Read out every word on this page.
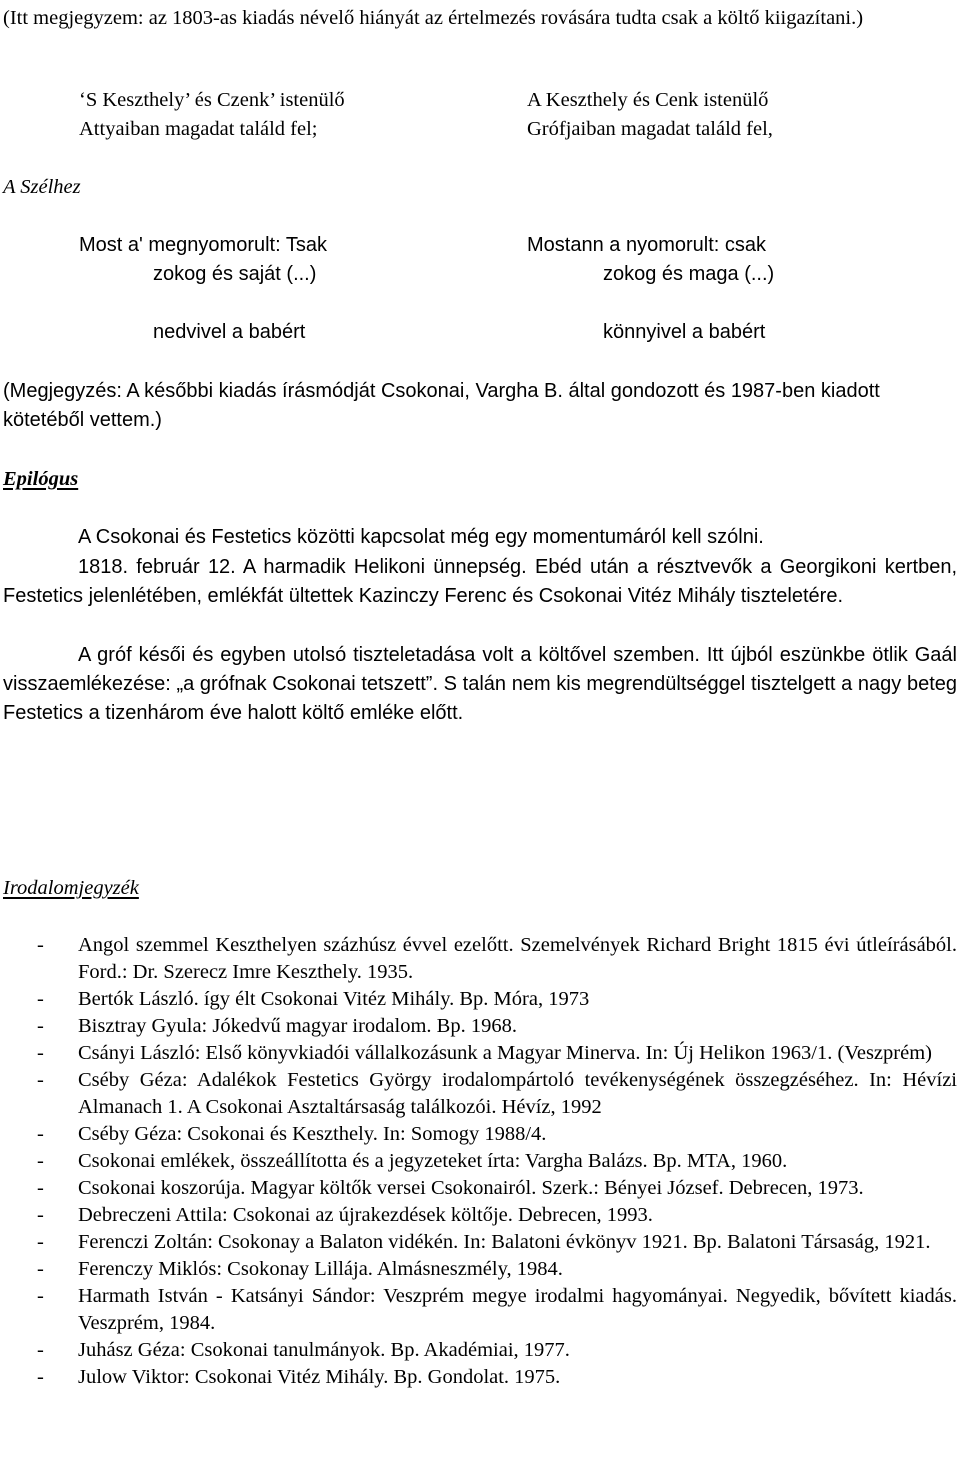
(Itt megjegyzem: az 1803-as kiadás névelő hiányát az értelmezés rovására tudta csak a költő kiigazítani.)

‘S Keszthely’ és Czenk’ istenülő

Attyaiban magadat találd fel;

A Keszthely és Cenk istenülő

Grófjaiban magadat találd fel,

A Szélhez

Most a' megnyomorult: Tsak

zokog és saját (...)

nedvivel a babért

Mostann a nyomorult: csak

zokog és maga (...)

könnyivel a babért

(Megjegyzés: A későbbi kiadás írásmódját Csokonai, Vargha B. által gondozott és 1987-ben kiadott kötetéből vettem.)

Epilógus

A Csokonai és Festetics közötti kapcsolat még egy momentumáról kell szólni.

1818. február 12. A harmadik Helikoni ünnepség. Ebéd után a résztvevők a Georgikoni kertben, Festetics jelenlétében, emlékfát ültettek Kazinczy Ferenc és Csokonai Vitéz Mihály tiszteletére.

A gróf késői és egyben utolsó tiszteletadása volt a költővel szemben. Itt újból eszünkbe ötlik Gaál visszaemlékezése: „a grófnak Csokonai tetszett”. S talán nem kis megrendültséggel tisztelgett a nagy beteg Festetics a tizenhárom éve halott költő emléke előtt.

Irodalomjegyzék

- Angol szemmel Keszthelyen százhúsz évvel ezelőtt. Szemelvények Richard Bright 1815 évi útleírásából. Ford.: Dr. Szerecz Imre Keszthely. 1935.
- Bertók László. így élt Csokonai Vitéz Mihály. Bp. Móra, 1973
- Bisztray Gyula: Jókedvű magyar irodalom. Bp. 1968.
- Csányi László: Első könyvkiadói vállalkozásunk a Magyar Minerva. In: Új Helikon 1963/1. (Veszprém)
- Cséby Géza: Adalékok Festetics György irodalompártoló tevékenységének összegzéséhez. In: Hévízi Almanach 1. A Csokonai Asztaltársaság találkozói. Hévíz, 1992
- Cséby Géza: Csokonai és Keszthely. In: Somogy 1988/4.
- Csokonai emlékek, összeállította és a jegyzeteket írta: Vargha Balázs. Bp. MTA, 1960.
- Csokonai koszorúja. Magyar költők versei Csokonairól. Szerk.: Bényei József. Debrecen, 1973.
- Debreczeni Attila: Csokonai az újrakezdések költője. Debrecen, 1993.
- Ferenczi Zoltán: Csokonay a Balaton vidékén. In: Balatoni évkönyv 1921. Bp. Balatoni Társaság, 1921.
- Ferenczy Miklós: Csokonay Lillája. Almásneszmély, 1984.
- Harmath István - Katsányi Sándor: Veszprém megye irodalmi hagyományai. Negyedik, bővített kiadás. Veszprém, 1984.
- Juhász Géza: Csokonai tanulmányok. Bp. Akadémiai, 1977.
- Julow Viktor: Csokonai Vitéz Mihály. Bp. Gondolat. 1975.
